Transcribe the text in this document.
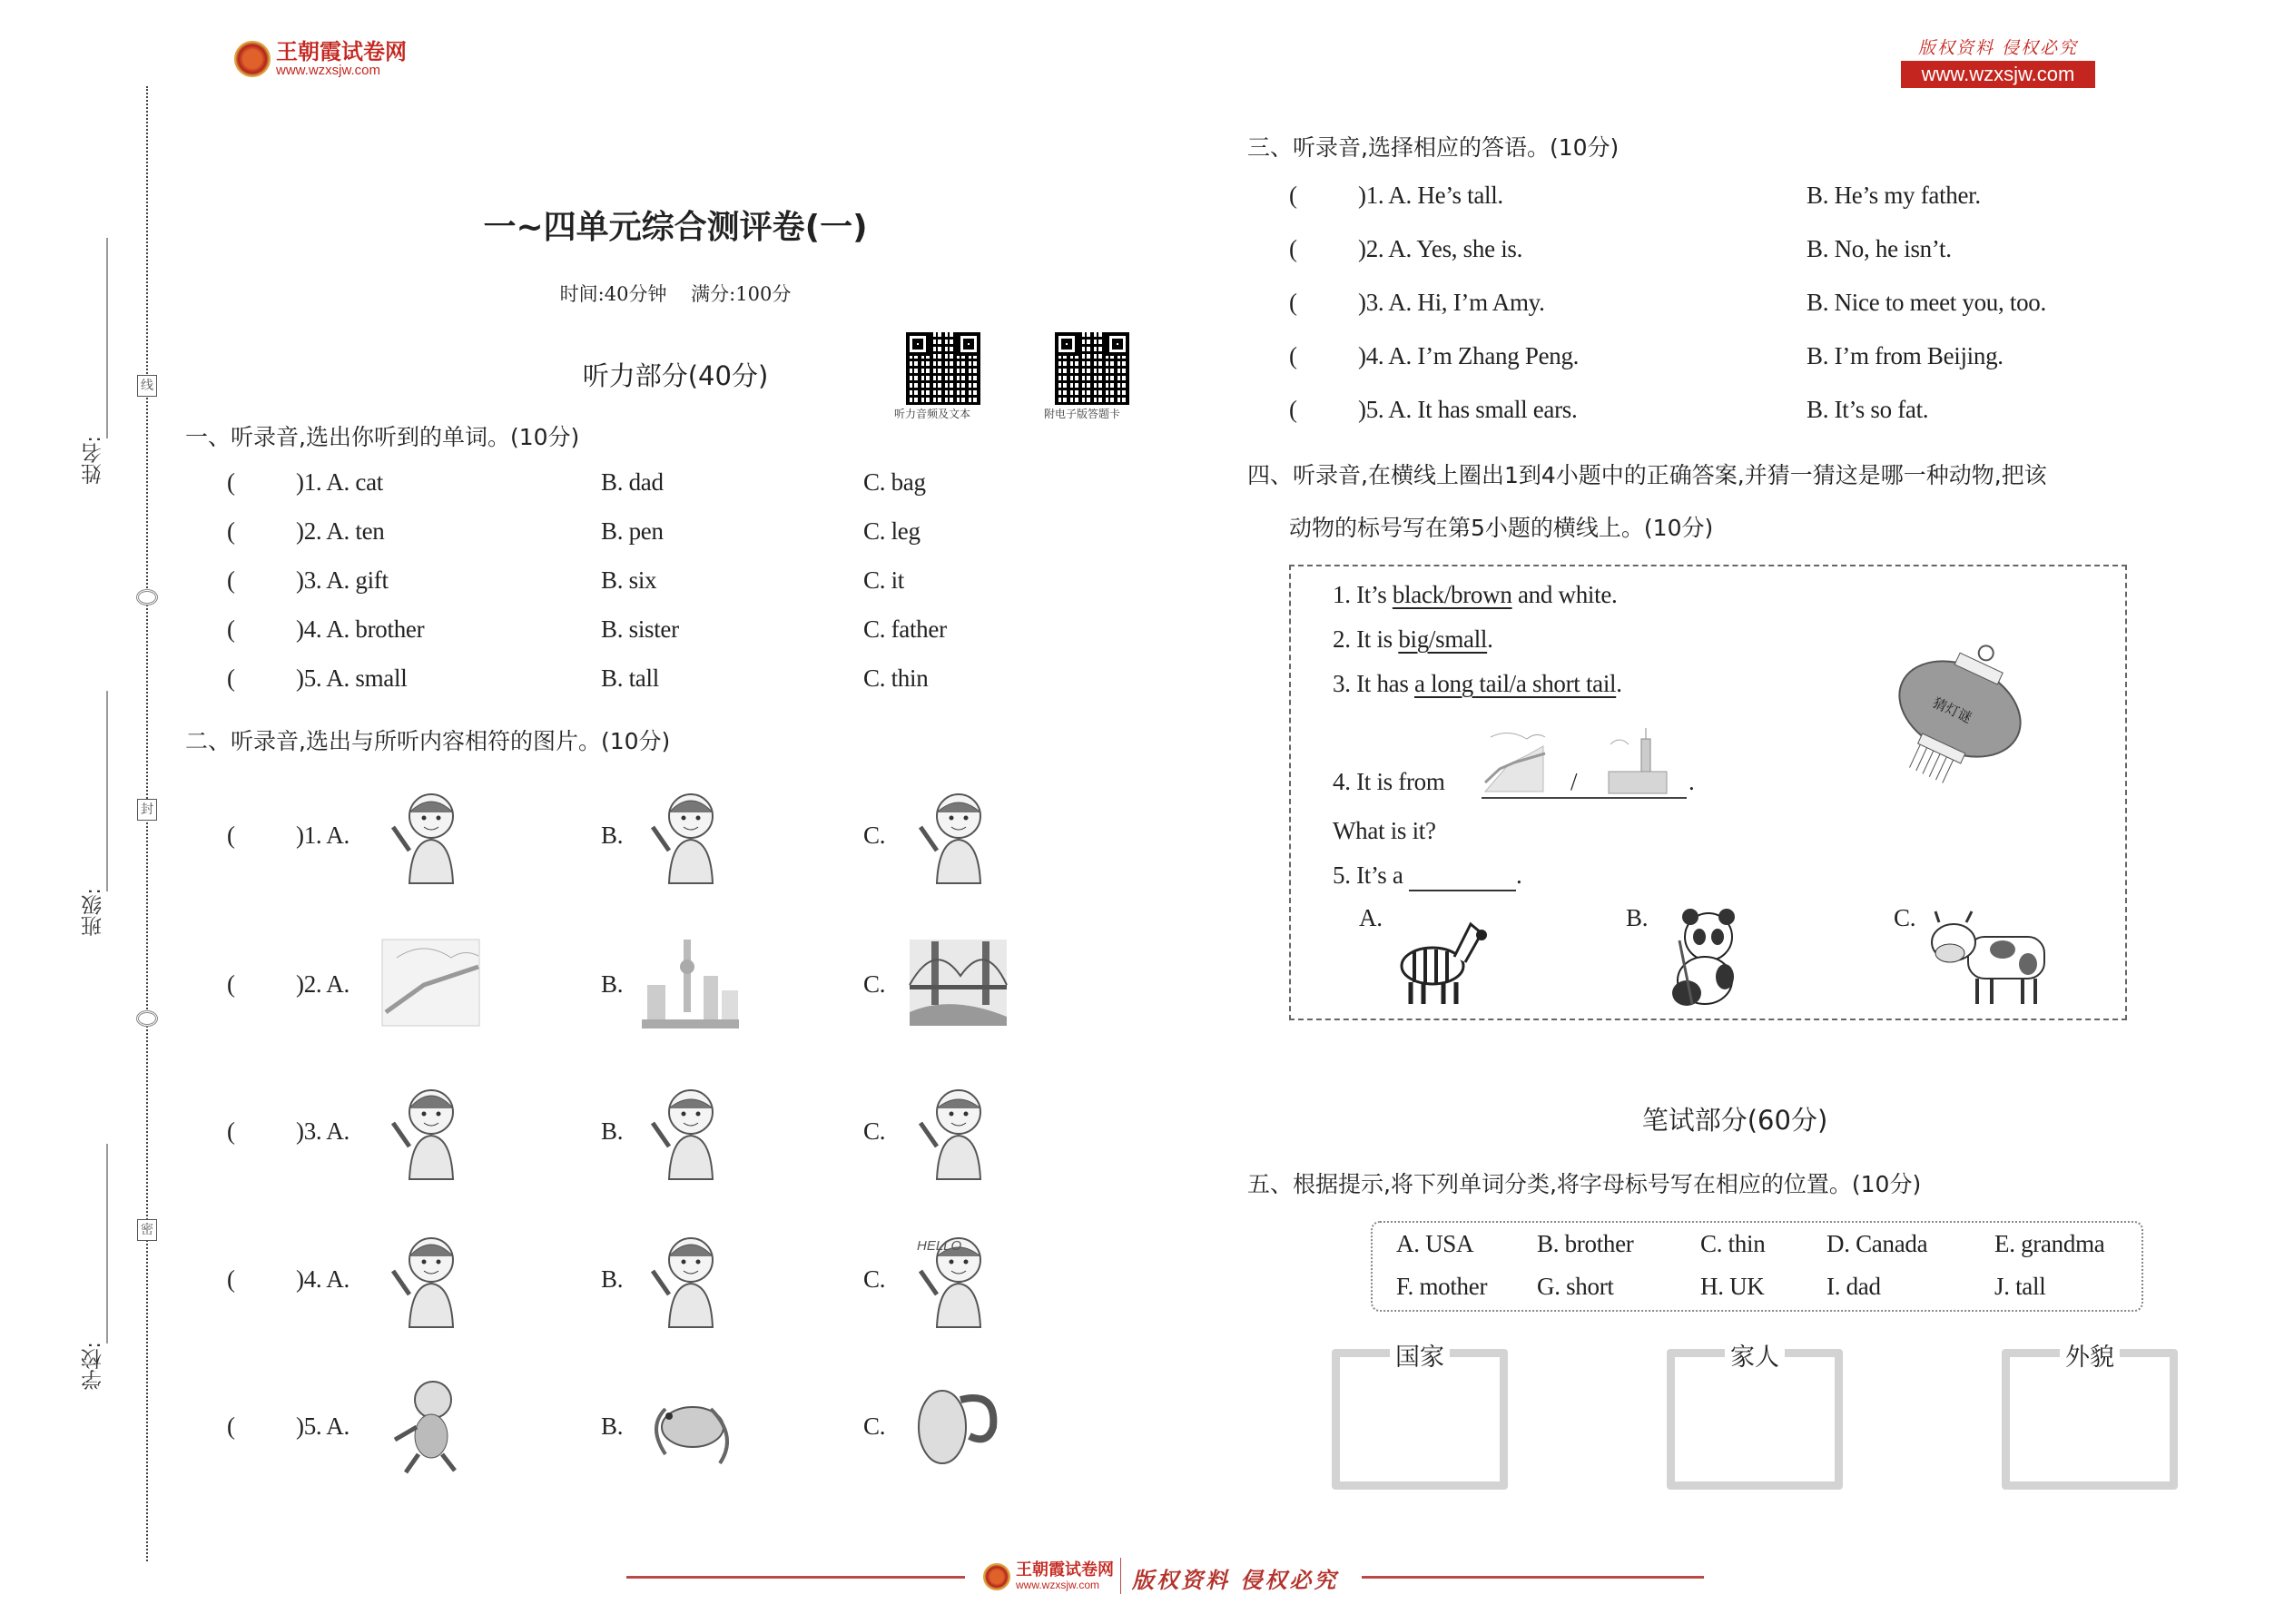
王朝霞试卷网
www.wzxsjw.com
版权资料 侵权必究
www.wzxsjw.com
姓名:
班级:
学校:
线
封
密
一~四单元综合测评卷(一)
时间:40分钟    满分:100分
听力部分(40分)
听力音频及文本	附电子版答题卡
一、听录音,选出你听到的单词。(10分)
( )1. A. cat	B. dad	C. bag
( )2. A. ten	B. pen	C. leg
( )3. A. gift	B. six	C. it
( )4. A. brother	B. sister	C. father
( )5. A. small	B. tall	C. thin
二、听录音,选出与所听内容相符的图片。(10分)
( )1. A.	B.	C.
( )2. A.	B.	C.
( )3. A.	B.	C.
( )4. A.	B.	C.
( )5. A.	B.	C.
HELLO
三、听录音,选择相应的答语。(10分)
( )1. A. He’s tall.	B. He’s my father.
( )2. A. Yes, she is.	B. No, he isn’t.
( )3. A. Hi, I’m Amy.	B. Nice to meet you, too.
( )4. A. I’m Zhang Peng.	B. I’m from Beijing.
( )5. A. It has small ears.	B. It’s so fat.
四、听录音,在横线上圈出1到4小题中的正确答案,并猜一猜这是哪一种动物,把该
动物的标号写在第5小题的横线上。(10分)
1. It’s black/brown and white.
2. It is big/small.
3. It has a long tail/a short tail.
4. It is from	/	.
What is it?
5. It’s a	.
猜灯谜
A.	B.	C.
笔试部分(60分)
五、根据提示,将下列单词分类,将字母标号写在相应的位置。(10分)
A. USA	B. brother	C. thin	D. Canada	E. grandma
F. mother G. short	H. UK	I. dad	J. tall
国家	家人	外貌
王朝霞试卷网
www.wzxsjw.com	版权资料 侵权必究
